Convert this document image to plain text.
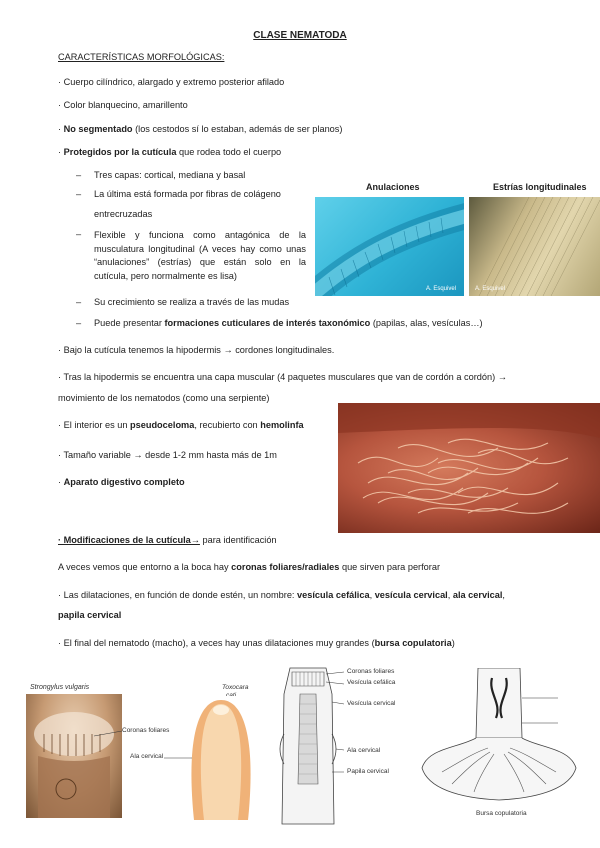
CLASE NEMATODA
CARACTERÍSTICAS MORFOLÓGICAS:
· Cuerpo cilíndrico, alargado y extremo posterior afilado
· Color blanquecino, amarillento
· No segmentado (los cestodos sí lo estaban, además de ser planos)
· Protegidos por la cutícula que rodea todo el cuerpo
– Tres capas: cortical, mediana y basal
– La última está formada por fibras de colágeno
entrecruzadas
– Flexible y funciona como antagónica de la musculatura longitudinal (A veces hay como unas “anulaciones” (estrías) que están solo en la cutícula, pero normalmente es lisa)
– Su crecimiento se realiza a través de las mudas
– Puede presentar formaciones cuticulares de interés taxonómico (papilas, alas, vesículas…)
Anulaciones	Estrías longitudinales
A. Esquivel	A. Esquivel
· Bajo la cutícula tenemos la hipodermis → cordones longitudinales.
· Tras la hipodermis se encuentra una capa muscular (4 paquetes musculares que van de cordón a cordón) →
movimiento de los nematodos (como una serpiente)
· El interior es un pseudoceloma, recubierto con hemolinfa
· Tamaño variable → desde 1-2 mm hasta más de 1m
· Aparato digestivo completo
· Modificaciones de la cutícula→ para identificación
A veces vemos que entorno a la boca hay coronas foliares/radiales que sirven para perforar
· Las dilataciones, en función de donde estén, un nombre: vesícula cefálica, vesícula cervical, ala cervical,
papila cervical
· El final del nematodo (macho), a veces hay unas dilataciones muy grandes (bursa copulatoria)
Strongylus vulgaris
Coronas foliares
Toxocara
Ala cervical
Coronas foliares
Vesícula cefálica
Vesícula cervical
Ala cervical
Papila cervical
Bursa copulatoria
